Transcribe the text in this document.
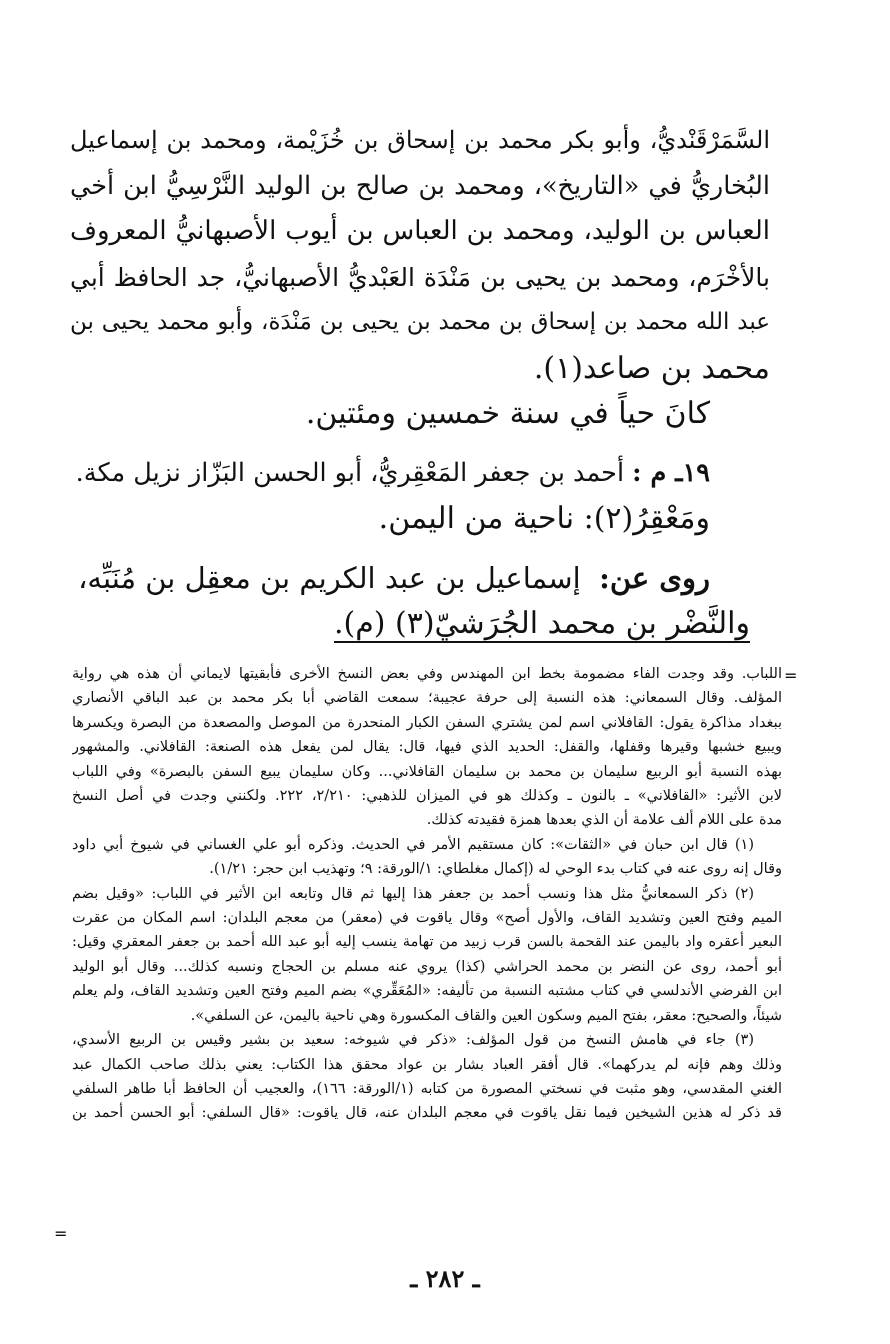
السَّمَرْقَنْديُّ، وأبو بكر محمد بن إسحاق بن خُزَيْمة، ومحمد بن إسماعيل
البُخاريُّ في «التاريخ»، ومحمد بن صالح بن الوليد النَّرْسِيُّ ابن أخي
العباس بن الوليد، ومحمد بن العباس بن أيوب الأصبهانيُّ المعروف
بالأخْرَم، ومحمد بن يحيى بن مَنْدَة العَبْديُّ الأصبهانيُّ، جد الحافظ أبي
عبد الله محمد بن إسحاق بن محمد بن يحيى بن مَنْدَة، وأبو محمد يحيى بن
محمد بن صاعد(١).
كانَ حياً في سنة خمسين ومئتين.
١٩ـ م : أحمد بن جعفر المَعْقِريُّ، أبو الحسن البَزّاز نزيل مكة.
ومَعْقِرُ(٢): ناحية من اليمن.
روى عن:  إسماعيل بن عبد الكريم بن معقِل بن مُنَبِّه،
والنَّضْر بن محمد الجُرَشيّ(٣) (م).
اللباب. وقد وجدت الفاء مضمومة بخط ابن المهندس وفي بعض النسخ الأخرى فأبقيتها لايماني أن هذه هي رواية
المؤلف. وقال السمعاني: هذه النسبة إلى حرفة عجيبة؛ سمعت القاضي أبا بكر محمد بن عبد الباقي الأنصاري
ببغداد مذاكرة يقول: القافلاني اسم لمن يشتري السفن الكبار المنحدرة من الموصل والمصعدة من البصرة ويكسرها
ويبيع خشبها وقيرها وقفلها، والقفل: الحديد الذي فيها، قال: يقال لمن يفعل هذه الصنعة: القافلاني. والمشهور
بهذه النسبة أبو الربيع سليمان بن محمد بن سليمان القافلاني... وكان سليمان يبيع السفن بالبصرة» وفي اللباب
لابن الأثير: «القافلاني» ـ بالنون ـ وكذلك هو في الميزان للذهبي: ٢/٢١٠، ٢٢٢. ولكنني وجدت في أصل النسخ
مدة على اللام ألف علامة أن الذي بعدها همزة فقيدته كذلك.
(١) قال ابن حبان في «الثقات»: كان مستقيم الأمر في الحديث. وذكره أبو علي الغساني في شيوخ أبي داود
وقال إنه روى عنه في كتاب بدء الوحي له (إكمال مغلطاي: ١/الورقة: ٩؛ وتهذيب ابن حجر: ١/٢١).
(٢) ذكر السمعانيُّ مثل هذا ونسب أحمد بن جعفر هذا إليها ثم قال وتابعه ابن الأثير في اللباب: «وقيل بضم
الميم وفتح العين وتشديد القاف، والأول أصح» وقال ياقوت في (معقر) من معجم البلدان: اسم المكان من عقرت
البعير أعقره واد باليمن عند القحمة بالسن قرب زبيد من تهامة ينسب إليه أبو عبد الله أحمد بن جعفر المعقري وقيل:
أبو أحمد، روى عن النضر بن محمد الحراشي (كذا) يروي عنه مسلم بن الحجاج ونسبه كذلك... وقال أبو الوليد
ابن الفرضي الأندلسي في كتاب مشتبه النسبة من تأليفه: «المُعَقِّري» بضم الميم وفتح العين وتشديد القاف، ولم يعلم
شيئاً، والصحيح: معقر، بفتح الميم وسكون العين والقاف المكسورة وهي ناحية باليمن، عن السلفي».
(٣) جاء في هامش النسخ من قول المؤلف: «ذكر في شيوخه: سعيد بن بشير وقيس بن الربيع الأسدي،
وذلك وهم فإنه لم يدركهما». قال أفقر العباد بشار بن عواد محقق هذا الكتاب: يعني بذلك صاحب الكمال عبد
الغني المقدسي، وهو مثبت في نسختي المصورة من كتابه (١/الورقة: ١٦٦)، والعجيب أن الحافظ أبا طاهر السلفي
قد ذكر له هذين الشيخين فيما نقل ياقوت في معجم البلدان عنه، قال ياقوت: «قال السلفي: أبو الحسن أحمد بن
=
=
ـ ٢٨٢ ـ
